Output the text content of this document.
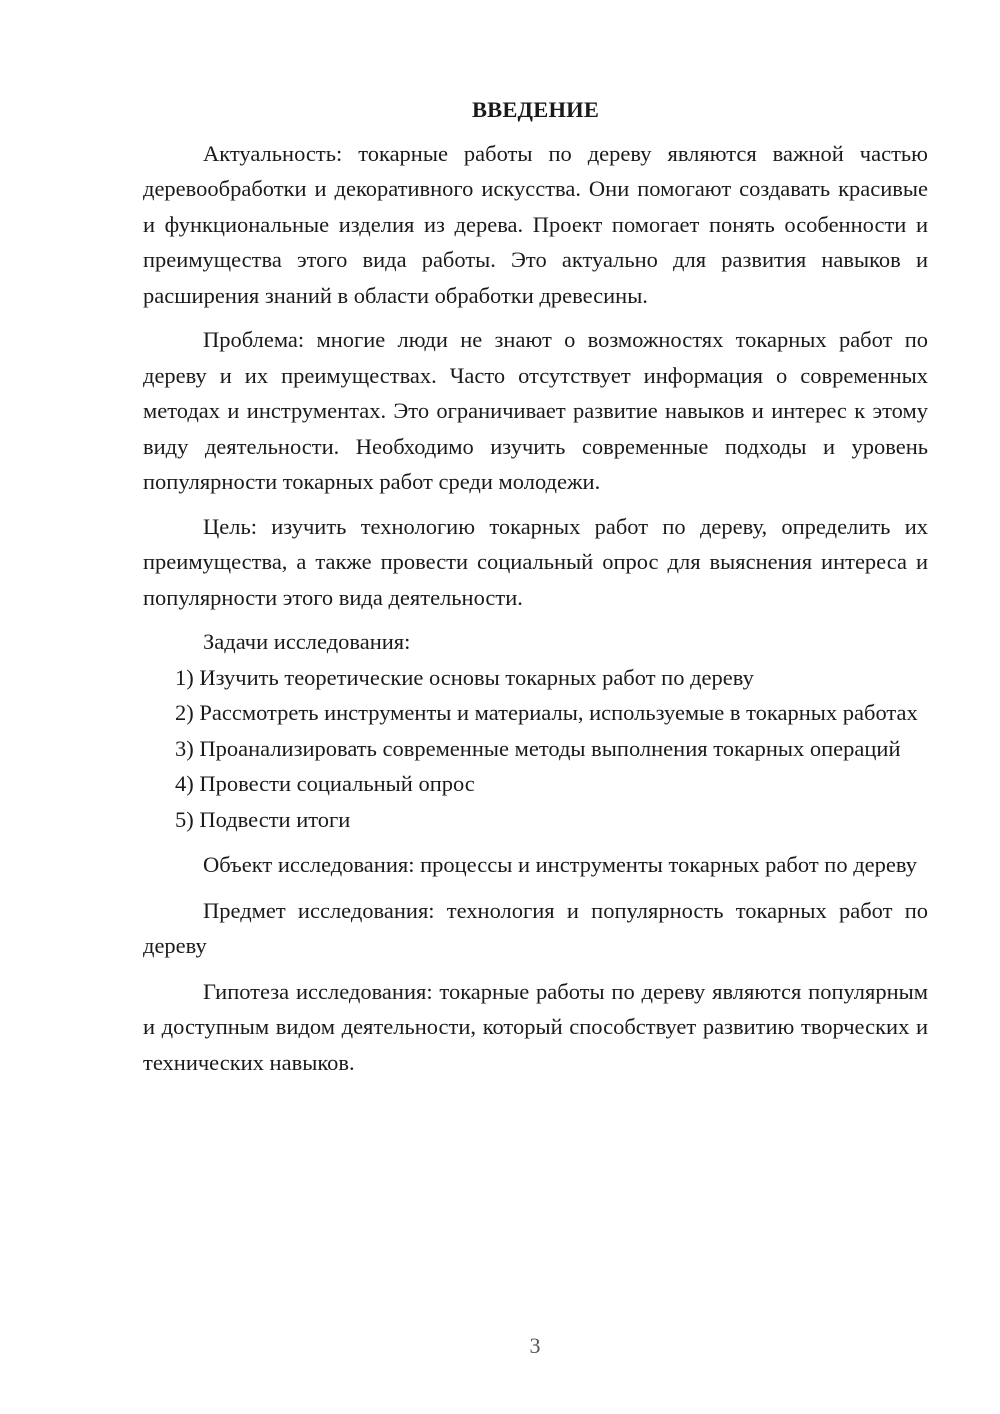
ВВЕДЕНИЕ

Актуальность: токарные работы по дереву являются важной частью деревообработки и декоративного искусства. Они помогают создавать красивые и функциональные изделия из дерева. Проект помогает понять особенности и преимущества этого вида работы. Это актуально для развития навыков и расширения знаний в области обработки древесины.

Проблема: многие люди не знают о возможностях токарных работ по дереву и их преимуществах. Часто отсутствует информация о современных методах и инструментах. Это ограничивает развитие навыков и интерес к этому виду деятельности. Необходимо изучить современные подходы и уровень популярности токарных работ среди молодежи.

Цель: изучить технологию токарных работ по дереву, определить их преимущества, а также провести социальный опрос для выяснения интереса и популярности этого вида деятельности.

Задачи исследования:

1) Изучить теоретические основы токарных работ по дереву

2) Рассмотреть инструменты и материалы, используемые в токарных работах

3) Проанализировать современные методы выполнения токарных операций

4) Провести социальный опрос

5) Подвести итоги

Объект исследования: процессы и инструменты токарных работ по дереву

Предмет исследования: технология и популярность токарных работ по дереву

Гипотеза исследования: токарные работы по дереву являются популярным и доступным видом деятельности, который способствует развитию творческих и технических навыков.

3
